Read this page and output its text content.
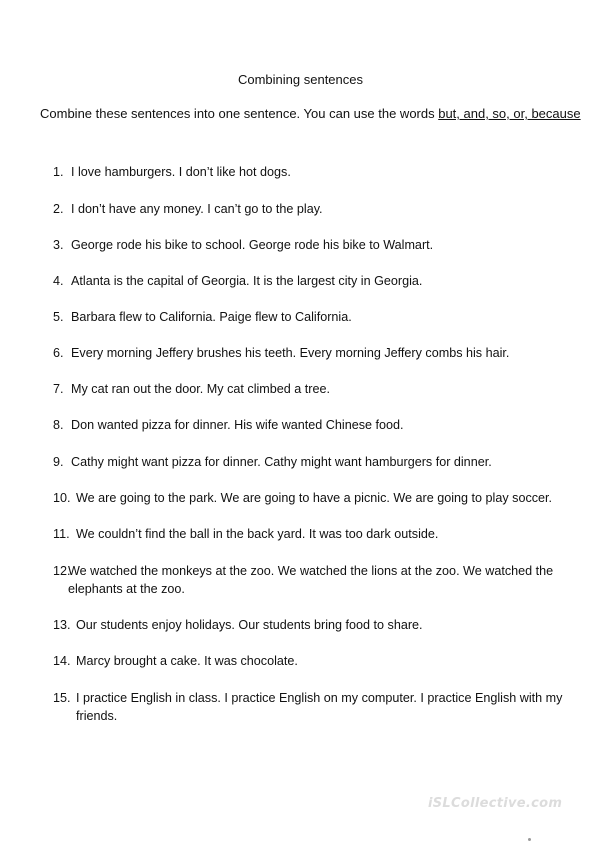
Combining sentences
Combine these sentences into one sentence. You can use the words but, and, so, or, because
1. I love hamburgers. I don’t like hot dogs.
2. I don’t have any money. I can’t go to the play.
3. George rode his bike to school. George rode his bike to Walmart.
4. Atlanta is the capital of Georgia. It is the largest city in Georgia.
5. Barbara flew to California. Paige flew to California.
6. Every morning Jeffery brushes his teeth. Every morning Jeffery combs his hair.
7. My cat ran out the door. My cat climbed a tree.
8. Don wanted pizza for dinner. His wife wanted Chinese food.
9. Cathy might want pizza for dinner. Cathy might want hamburgers for dinner.
10. We are going to the park. We are going to have a picnic. We are going to play soccer.
11. We couldn’t find the ball in the back yard. It was too dark outside.
12.
We watched the monkeys at the zoo. We watched the lions at the zoo. We watched the elephants at the zoo.
13. Our students enjoy holidays. Our students bring food to share.
14. Marcy brought a cake. It was chocolate.
15. I practice English in class. I practice English on my computer. I practice English with my friends.
iSLCollective.com
